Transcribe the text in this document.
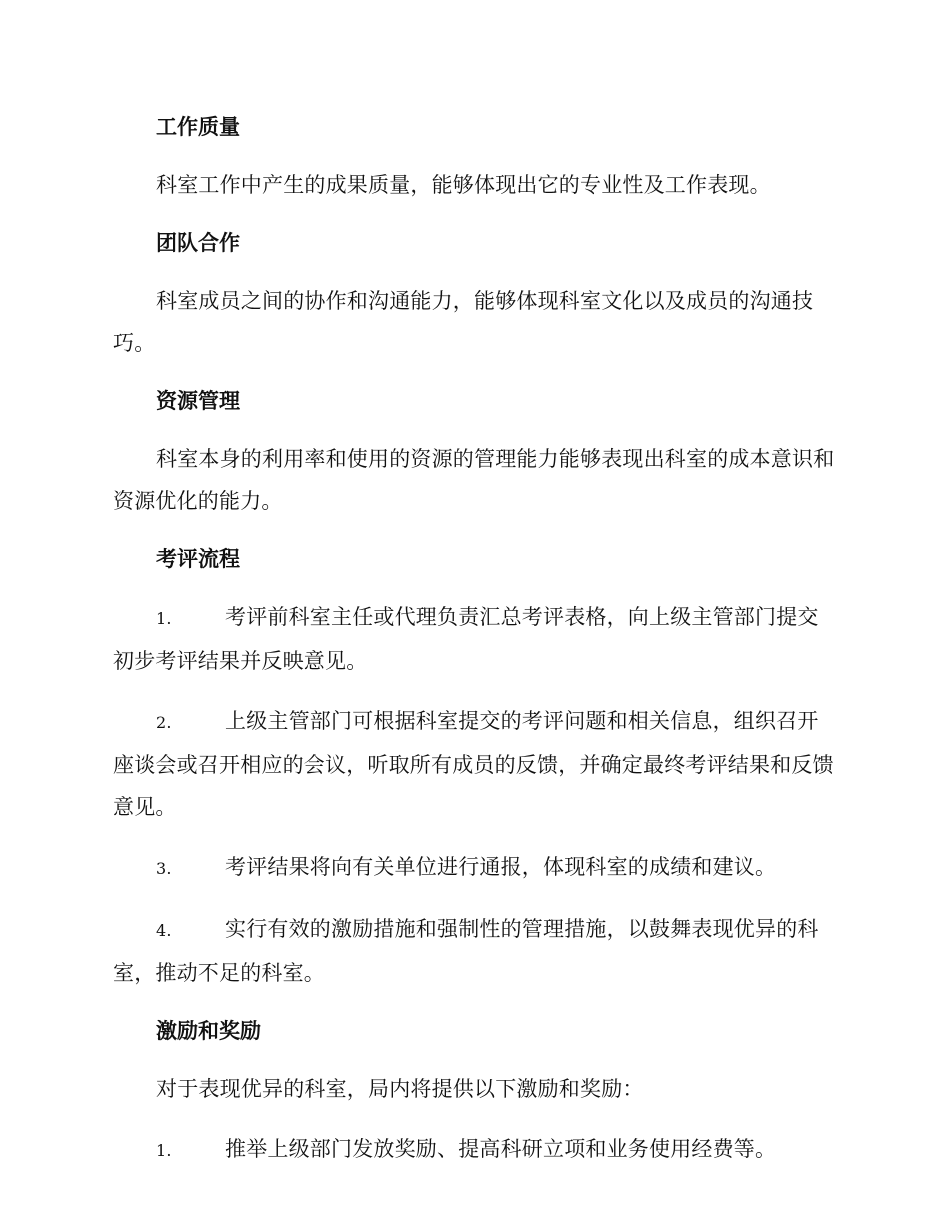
工作质量

科室工作中产生的成果质量，能够体现出它的专业性及工作表现。

团队合作

科室成员之间的协作和沟通能力，能够体现科室文化以及成员的沟通技巧。

资源管理

科室本身的利用率和使用的资源的管理能力能够表现出科室的成本意识和资源优化的能力。

考评流程

1.	考评前科室主任或代理负责汇总考评表格，向上级主管部门提交初步考评结果并反映意见。

2.	上级主管部门可根据科室提交的考评问题和相关信息，组织召开座谈会或召开相应的会议，听取所有成员的反馈，并确定最终考评结果和反馈意见。

3.	考评结果将向有关单位进行通报，体现科室的成绩和建议。

4.	实行有效的激励措施和强制性的管理措施，以鼓舞表现优异的科室，推动不足的科室。

激励和奖励

对于表现优异的科室，局内将提供以下激励和奖励：

1.	推举上级部门发放奖励、提高科研立项和业务使用经费等。
